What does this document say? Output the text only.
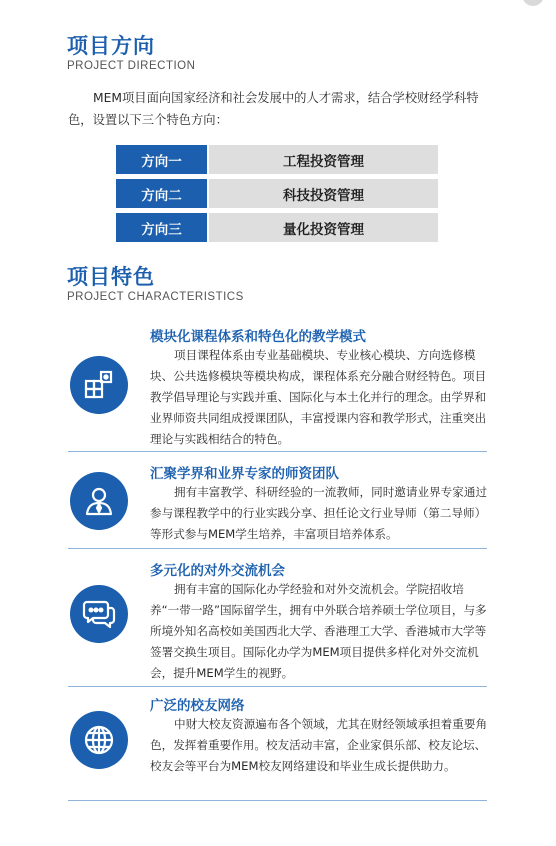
项目方向
PROJECT DIRECTION

MEM项目面向国家经济和社会发展中的人才需求，结合学校财经学科特色，设置以下三个特色方向：

方向一	工程投资管理
方向二	科技投资管理
方向三	量化投资管理
项目特色
PROJECT CHARACTERISTICS
模块化课程体系和特色化的教学模式

项目课程体系由专业基础模块、专业核心模块、方向选修模块、公共选修模块等模块构成，课程体系充分融合财经特色。项目教学倡导理论与实践并重、国际化与本土化并行的理念。由学界和业界师资共同组成授课团队，丰富授课内容和教学形式，注重突出理论与实践相结合的特色。

汇聚学界和业界专家的师资团队

拥有丰富教学、科研经验的一流教师，同时邀请业界专家通过参与课程教学中的行业实践分享、担任论文行业导师（第二导师）等形式参与MEM学生培养，丰富项目培养体系。

多元化的对外交流机会

拥有丰富的国际化办学经验和对外交流机会。学院招收培养“一带一路”国际留学生，拥有中外联合培养硕士学位项目，与多所境外知名高校如美国西北大学、香港理工大学、香港城市大学等签署交换生项目。国际化办学为MEM项目提供多样化对外交流机会，提升MEM学生的视野。

广泛的校友网络

中财大校友资源遍布各个领域，尤其在财经领域承担着重要角色，发挥着重要作用。校友活动丰富，企业家俱乐部、校友论坛、校友会等平台为MEM校友网络建设和毕业生成长提供助力。
